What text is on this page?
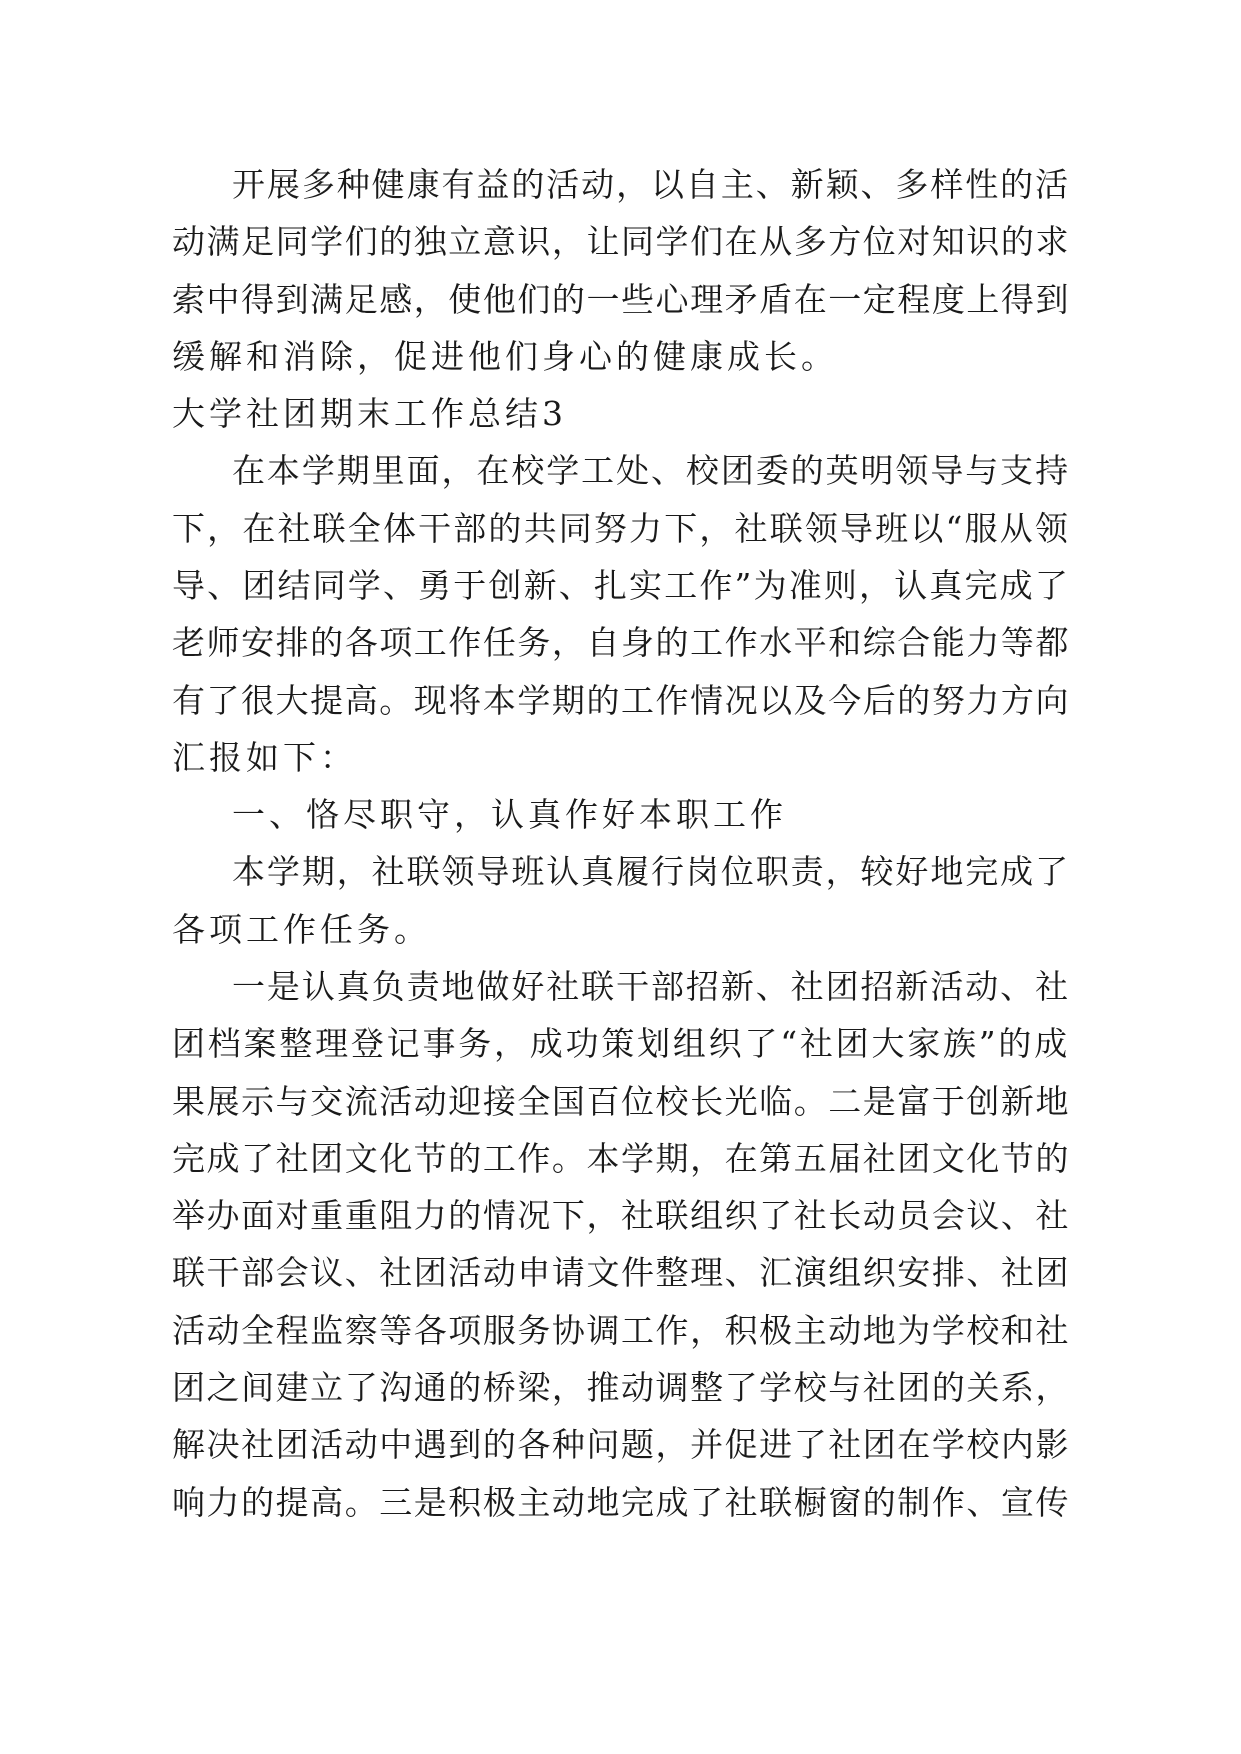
开展多种健康有益的活动，以自主、新颖、多样性的活
动满足同学们的独立意识，让同学们在从多方位对知识的求
索中得到满足感，使他们的一些心理矛盾在一定程度上得到
缓解和消除，促进他们身心的健康成长。
大学社团期末工作总结3
在本学期里面，在校学工处、校团委的英明领导与支持
下，在社联全体干部的共同努力下，社联领导班以“服从领
导、团结同学、勇于创新、扎实工作”为准则，认真完成了
老师安排的各项工作任务，自身的工作水平和综合能力等都
有了很大提高。现将本学期的工作情况以及今后的努力方向
汇报如下：
一、恪尽职守，认真作好本职工作
本学期，社联领导班认真履行岗位职责，较好地完成了
各项工作任务。
一是认真负责地做好社联干部招新、社团招新活动、社
团档案整理登记事务，成功策划组织了“社团大家族”的成
果展示与交流活动迎接全国百位校长光临。二是富于创新地
完成了社团文化节的工作。本学期，在第五届社团文化节的
举办面对重重阻力的情况下，社联组织了社长动员会议、社
联干部会议、社团活动申请文件整理、汇演组织安排、社团
活动全程监察等各项服务协调工作，积极主动地为学校和社
团之间建立了沟通的桥梁，推动调整了学校与社团的关系，
解决社团活动中遇到的各种问题，并促进了社团在学校内影
响力的提高。三是积极主动地完成了社联橱窗的制作、宣传
